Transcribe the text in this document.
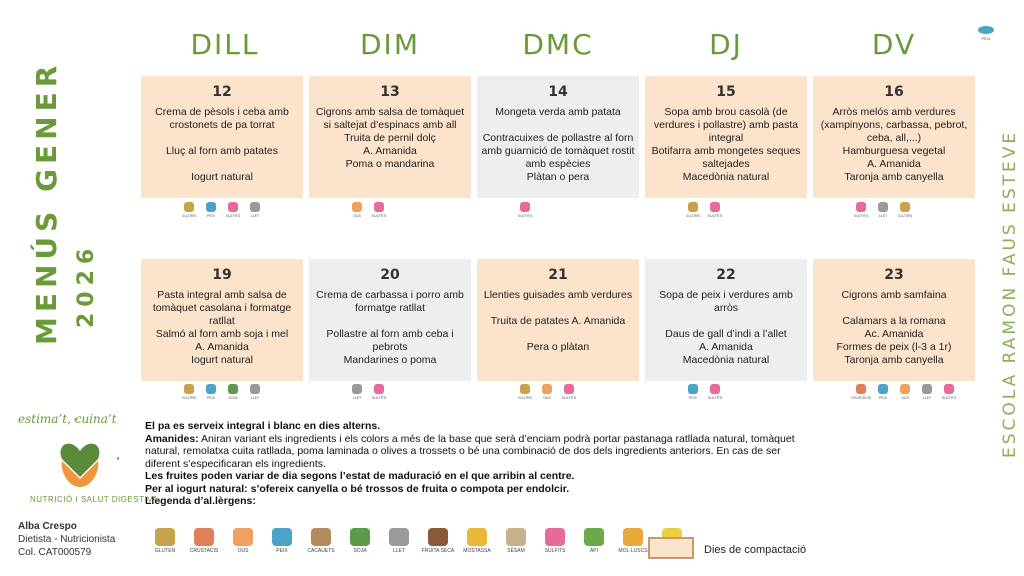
DILL	DIM	DMC	DJ	DV	PEIX
MENÚS GENER 2026	ESCOLA RAMON FAUS ESTEVE
12
Crema de pèsols i ceba amb crostonets de pa torrat
Lluç al forn amb patates
Iogurt natural
GLUTEN	PEIX	SULFITS	LLET
13
Cigrons amb salsa de tomàquet si saltejat d’espinacs amb all
Truita de pernil dolç
A. Amanida
Poma o mandarina
OUS	SULFITS
14
Mongeta verda amb patata
Contracuixes de pollastre al forn amb guarnició de tomàquet rostit amb espècies
Plàtan o pera
SULFITS
15
Sopa amb brou casolà (de verdures i pollastre) amb pasta integral
Botifarra amb mongetes seques saltejades
Macedònia natural
GLUTEN SULFITS
16
Arròs melós amb verdures (xampinyons, carbassa, pebrot, ceba, all,...)
Hamburguesa vegetal
A. Amanida
Taronja amb canyella
SULFITS	LLET	GLUTEN
19
Pasta integral amb salsa de tomàquet casolana i formatge ratllat
Salmó al forn amb soja i mel
A. Amanida
Iogurt natural
GLUTEN	PEIX	SOJA	LLET
20
Crema de carbassa i porro amb formatge ratllat
Pollastre al forn amb ceba i pebrots
Mandarines o poma
LLET	SULFITS
21
Llenties guisades amb verdures
Truita de patates A. Amanida
Pera o plàtan
GLUTEN	OUS	SULFITS
22
Sopa de peix i verdures amb arròs
Daus de gall d’indi a l’allet
A. Amanida
Macedònia natural
PEIX	SULFITS
23
Cigrons amb samfaina
Calamars a la romana
Ac. Amanida
Formes de peix (l-3 a 1r)
Taronja amb canyella
CRUSTACIS PEIX	OUS	LLET	SULFITS

El pa es serveix integral i blanc en dies alterns.

Amanides: Aniran variant els ingredients i els colors a més de la base que serà d’enciam podrà portar pastanaga ratllada natural, tomàquet natural, remolatxa cuita ratllada, poma laminada o olives a trossets o bé una combinació de dos dels ingredients anteriors. En cas de ser diferent s’especificaran els ingredients.

Les fruites poden variar de dia segons l’estat de maduració en el que arribin al centre.

Per al iogurt natural: s’ofereix canyella o bé trossos de fruita o compota per endolcir.

Llegenda d’al.lèrgens:

GLUTEN	CRUSTACIS	OUS	PEIX	CACAUETS	SOJA	LLET	FRUITA SECA MOSTASSA	SÈSAM	SULFITS	API	MOL·LUSCS	Dies de compactació
estima’t, cuina’t
NUTRICIÓ I SALUT DIGESTIVA
Alba Crespo
Dietista - Nutricionista
Col. CAT000579
